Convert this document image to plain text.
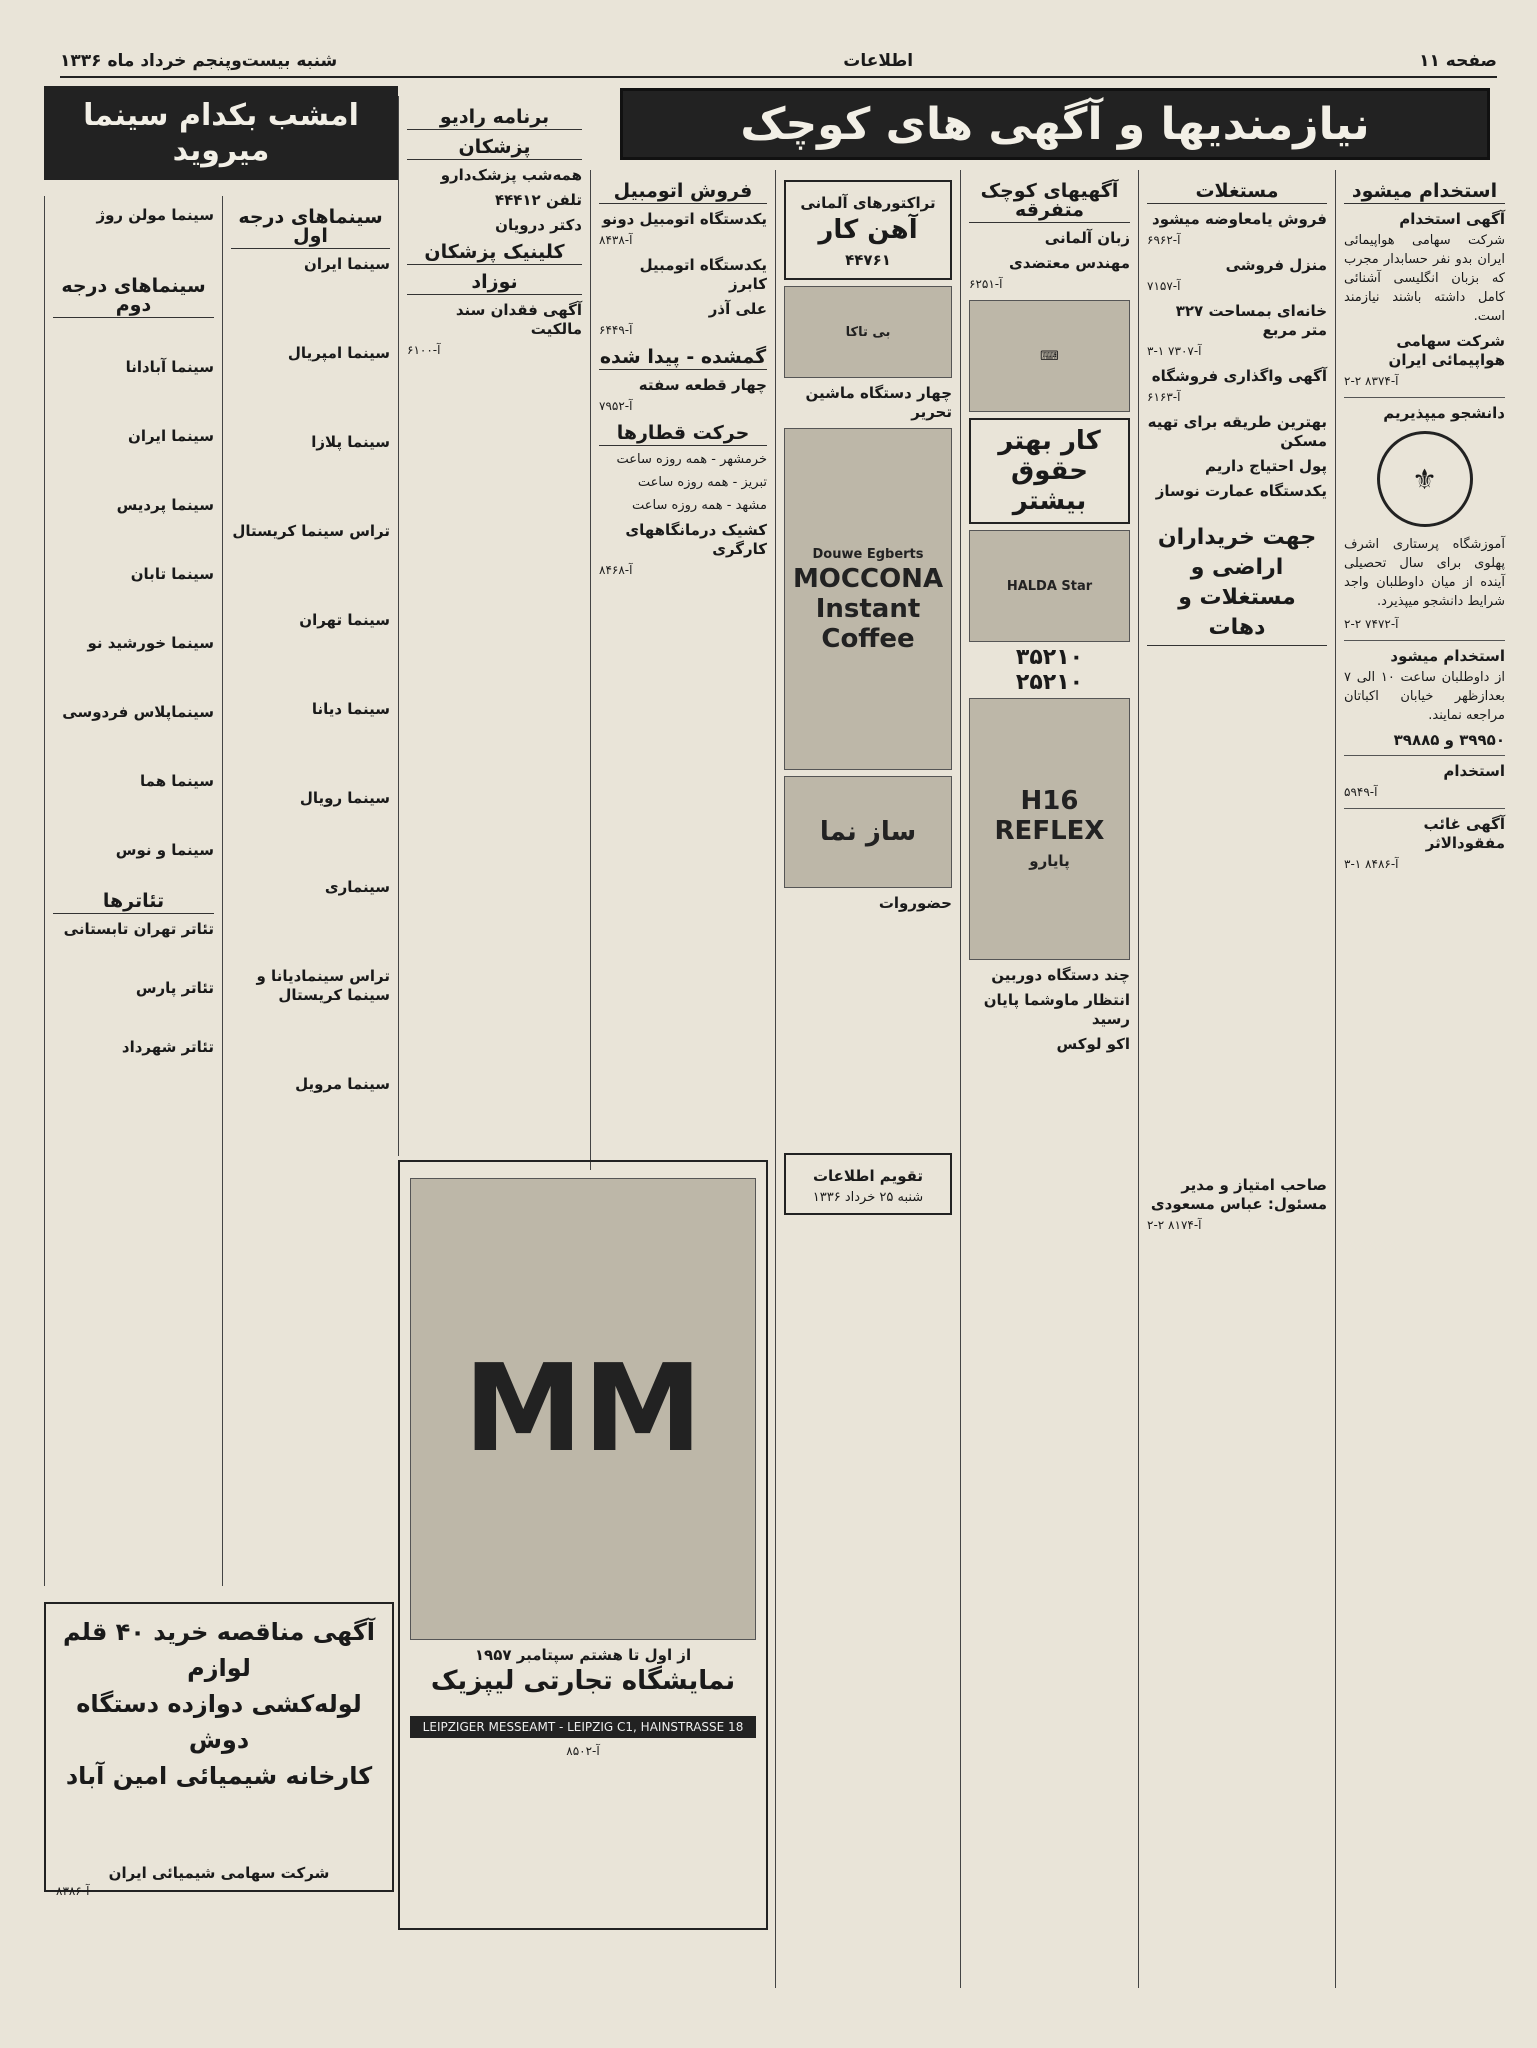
صفحه ۱۱
اطلاعات
شنبه بیست‌و‌پنجم خرداد ماه ۱۳۳۶
نیازمندیها و آگهی های کوچک
امشب بکدام سینما میروید
استخدام میشود
آگهی استخدام

شرکت سهامی هواپیمائی ایران بدو نفر حسابدار مجرب که بزبان انگلیسی آشنائی کامل داشته باشند نیازمند است.

شرکت سهامی هواپیمائی ایران

۲-۲ آ-۸۳۷۴

دانشجو میپذیریم
⚜

آموزشگاه پرستاری اشرف پهلوی برای سال تحصیلی آینده از میان داوطلبان واجد شرایط دانشجو میپذیرد.

۲-۲ آ-۷۴۷۲

استخدام میشود

از داوطلبان ساعت ۱۰ الی ۷ بعدازظهر خیابان اکباتان مراجعه نمایند.

۳۹۹۵۰ و ۳۹۸۸۵
استخدام

آ-۵۹۴۹

آگهی غائب مفقودالاثر

۳-۱ آ-۸۴۸۶

مستغلات
فروش یامعاوضه میشود

آ-۶۹۶۲

منزل فروشی

آ-۷۱۵۷

خانه‌ای بمساحت ۳۲۷ متر مربع

۳-۱ آ-۷۳۰۷

آگهی واگذاری فروشگاه

آ-۶۱۶۳

بهترین طریقه برای تهیه مسکن
پول احتیاج داریم
یکدستگاه عمارت نوساز
جهت خریداران اراضی و مستغلات و دهات
صاحب امتیاز و مدیر مسئول: عباس مسعودی

۲-۲ آ-۸۱۷۴

آگهیهای کوچک متفرقه
زبان آلمانی
مهندس معتضدی

آ-۶۲۵۱

⌨
کار بهتر حقوق بیشتر
HALDA Star
۳۵۲۱۰
۲۵۲۱۰
H16 REFLEX
پایارو
چند دستگاه دوربین
انتظار ماوشما پایان رسید
اکو لوکس
تراکتورهای آلمانی
آهن کار
۴۴۷۶۱
بی تاکا
چهار دستگاه ماشین تحریر
Douwe Egberts
MOCCONA Instant Coffee
ساز نما
حضوروات
تقویم اطلاعات
شنبه ۲۵ خرداد ۱۳۳۶
فروش اتومبیل
یکدستگاه اتومبیل دونو

آ-۸۴۳۸

یکدستگاه اتومبیل کابرز
علی آذر

آ-۶۴۴۹

گمشده - پیدا شده
چهار قطعه سفته

آ-۷۹۵۲

حرکت قطارها

خرمشهر - همه روزه ساعت

تبریز - همه روزه ساعت

مشهد - همه روزه ساعت

کشیک درمانگاههای کارگری

آ-۸۴۶۸

برنامه رادیو
پزشکان
همه‌شب پزشک‌دارو
تلفن ۴۴۴۱۲
دکتر درویان
کلینیک پزشکان
نوزاد
آگهی فقدان سند مالکیت

آ-۶۱۰۰

سینماهای درجه اول
سینما ایران
سینما امپریال
سینما پلازا
تراس سینما کریستال
سینما تهران
سینما دیانا
سینما رویال
سینماری
تراس سینمادیانا و سینما کریستال
سینما مرویل
سینما مولن روژ
سینماهای درجه دوم
سینما آبادانا
سینما ایران
سینما پردیس
سینما تابان
سینما خورشید نو
سینماپلاس فردوسی
سینما هما
سینما و نوس
تئاترها
تئاتر تهران تابستانی
تئاتر پارس
تئاتر شهرداد
آگهی مناقصه خرید ۴۰ قلم لوازم
لوله‌کشی دوازده دستگاه دوش
کارخانه شیمیائی امین آباد
شرکت سهامی شیمیائی ایران

آ-۸۳۸۶

MM
از اول تا هشتم سپتامبر ۱۹۵۷
نمایشگاه تجارتی لیپزیک
LEIPZIGER MESSEAMT - LEIPZIG C1, HAINSTRASSE 18

آ-۸۵۰۲
